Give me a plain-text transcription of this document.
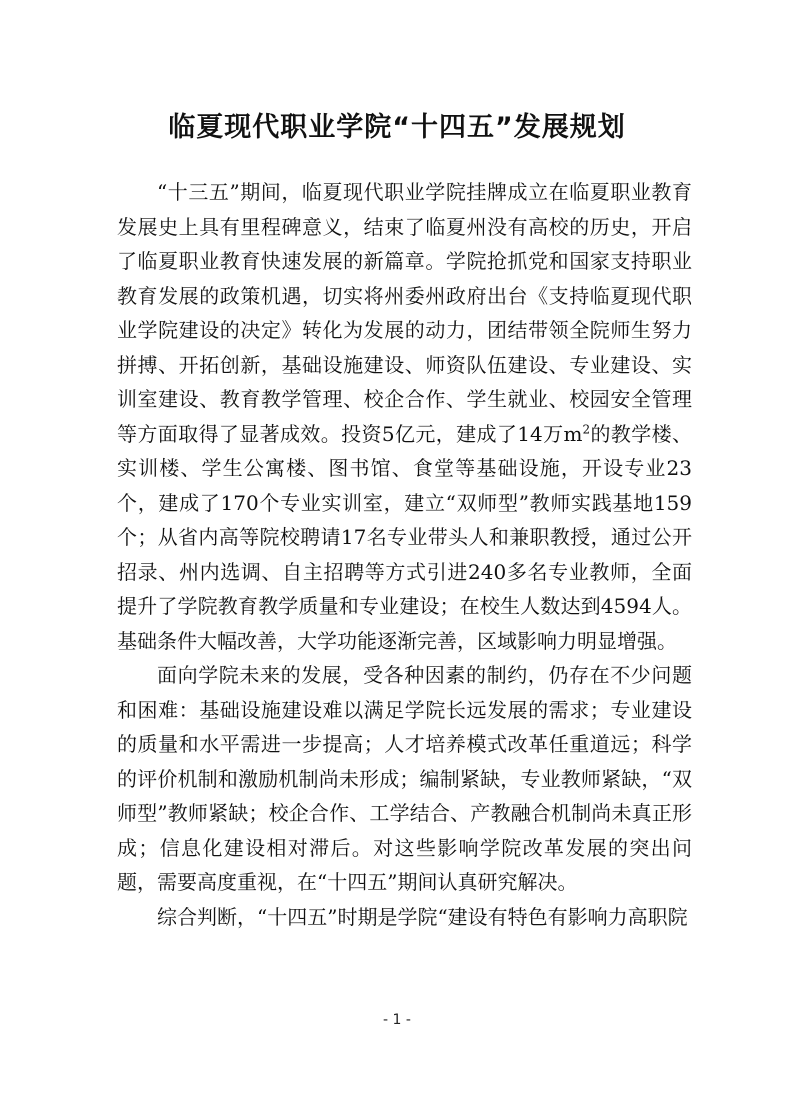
临夏现代职业学院“十四五”发展规划

“十三五”期间，临夏现代职业学院挂牌成立在临夏职业教育发展史上具有里程碑意义，结束了临夏州没有高校的历史，开启了临夏职业教育快速发展的新篇章。学院抢抓党和国家支持职业教育发展的政策机遇，切实将州委州政府出台《支持临夏现代职业学院建设的决定》转化为发展的动力，团结带领全院师生努力拼搏、开拓创新，基础设施建设、师资队伍建设、专业建设、实训室建设、教育教学管理、校企合作、学生就业、校园安全管理等方面取得了显著成效。投资5亿元，建成了14万$m^2$的教学楼、实训楼、学生公寓楼、图书馆、食堂等基础设施，开设专业23个，建成了170个专业实训室，建立“双师型”教师实践基地159个；从省内高等院校聘请17名专业带头人和兼职教授，通过公开招录、州内选调、自主招聘等方式引进240多名专业教师，全面提升了学院教育教学质量和专业建设；在校生人数达到4594人。基础条件大幅改善，大学功能逐渐完善，区域影响力明显增强。

面向学院未来的发展，受各种因素的制约，仍存在不少问题和困难：基础设施建设难以满足学院长远发展的需求；专业建设的质量和水平需进一步提高；人才培养模式改革任重道远；科学的评价机制和激励机制尚未形成；编制紧缺，专业教师紧缺，“双师型”教师紧缺；校企合作、工学结合、产教融合机制尚未真正形成；信息化建设相对滞后。对这些影响学院改革发展的突出问题，需要高度重视，在“十四五”期间认真研究解决。

综合判断，“十四五”时期是学院“建设有特色有影响力高职院

- 1 -
